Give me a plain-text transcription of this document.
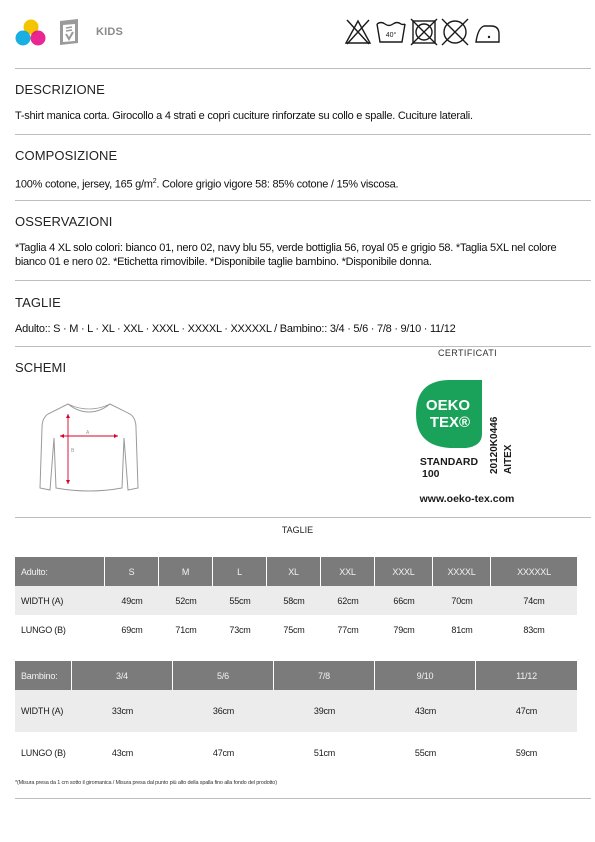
KIDS	40°
DESCRIZIONE
T-shirt manica corta. Girocollo a 4 strati e copri cuciture rinforzate su collo e spalle. Cuciture laterali.
COMPOSIZIONE
100% cotone, jersey, 165 $g/m^2$. Colore grigio vigore 58: 85% cotone / 15% viscosa.
OSSERVAZIONI
*Taglia 4 XL solo colori: bianco 01, nero 02, navy blu 55, verde bottiglia 56, royal 05 e grigio 58. *Taglia 5XL nel colore bianco 01 e nero 02. *Etichetta rimovibile. *Disponibile taglie bambino. *Disponibile donna.
TAGLIE
Adulto:: S · M · L · XL · XXL · XXXL · XXXXL · XXXXXL / Bambino:: 3/4 · 5/6 · 7/8 · 9/10 · 11/12
SCHEMI
CERTIFICATI
A
B
OEKO
TEX®
STANDARD
100	20120K0446 AITEX
www.oeko-tex.com
TAGLIE
Adulto:	S	M	L	XL	XXL	XXXL	XXXXL	XXXXXL
WIDTH (A)	49cm	52cm	55cm	58cm	62cm	66cm	70cm	74cm
LUNGO (B)	69cm	71cm	73cm	75cm	77cm	79cm	81cm	83cm
Bambino:	3/4	5/6	7/8	9/10	11/12
WIDTH (A)	33cm	36cm	39cm	43cm	47cm
LUNGO (B)	43cm	47cm	51cm	55cm	59cm
*(Misura presa da 1 cm sotto il giromanica / Misura presa dal punto più alto della spalla fino alla fondo del prodotto)
